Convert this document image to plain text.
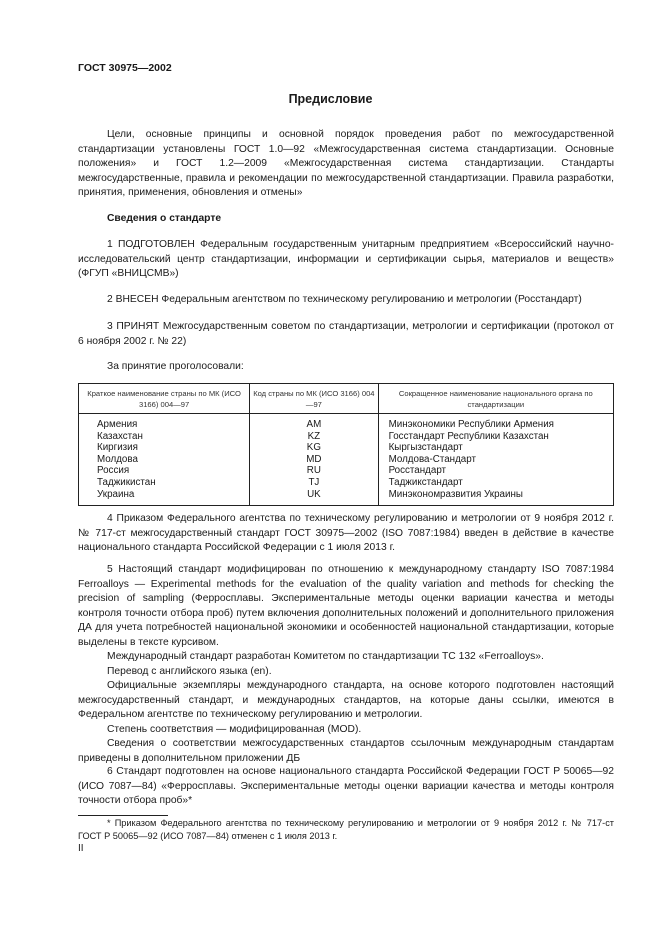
ГОСТ 30975—2002
Предисловие
Цели, основные принципы и основной порядок проведения работ по межгосударственной стандартизации установлены ГОСТ 1.0—92 «Межгосударственная система стандартизации. Основные положения» и ГОСТ 1.2—2009 «Межгосударственная система стандартизации. Стандарты межгосударственные, правила и рекомендации по межгосударственной стандартизации. Правила разработки, принятия, применения, обновления и отмены»
Сведения о стандарте
1 ПОДГОТОВЛЕН Федеральным государственным унитарным предприятием «Всероссийский научно-исследовательский центр стандартизации, информации и сертификации сырья, материалов и веществ» (ФГУП «ВНИЦСМВ»)
2 ВНЕСЕН Федеральным агентством по техническому регулированию и метрологии (Росстандарт)
3 ПРИНЯТ Межгосударственным советом по стандартизации, метрологии и сертификации (протокол от 6 ноября 2002 г. № 22)
За принятие проголосовали:
Краткое наименование страны по МК (ИСО 3166) 004—97	Код страны по МК (ИСО 3166) 004—97	Сокращенное наименование национального органа по стандартизации
Армения	AM	Минэкономики Республики Армения
Казахстан	KZ	Госстандарт Республики Казахстан
Киргизия	KG	Кыргызстандарт
Молдова	MD	Молдова-Стандарт
Россия	RU	Росстандарт
Таджикистан	TJ	Таджикстандарт
Украина	UK	Минэкономразвития Украины
4 Приказом Федерального агентства по техническому регулированию и метрологии от 9 ноября 2012 г. № 717-ст межгосударственный стандарт ГОСТ 30975—2002 (ISO 7087:1984) введен в действие в качестве национального стандарта Российской Федерации с 1 июля 2013 г.
5 Настоящий стандарт модифицирован по отношению к международному стандарту ISO 7087:1984 Ferroalloys — Experimental methods for the evaluation of the quality variation and methods for checking the precision of sampling (Ферросплавы. Экспериментальные методы оценки вариации качества и методы контроля точности отбора проб) путем включения дополнительных положений и дополнительного приложения ДА для учета потребностей национальной экономики и особенностей национальной стандартизации, которые выделены в тексте курсивом.
Международный стандарт разработан Комитетом по стандартизации ТС 132 «Ferroalloys».
Перевод с английского языка (en).
Официальные экземпляры международного стандарта, на основе которого подготовлен настоящий межгосударственный стандарт, и международных стандартов, на которые даны ссылки, имеются в Федеральном агентстве по техническому регулированию и метрологии.
Степень соответствия — модифицированная (MOD).
Сведения о соответствии межгосударственных стандартов ссылочным международным стандартам приведены в дополнительном приложении ДБ
6 Стандарт подготовлен на основе национального стандарта Российской Федерации ГОСТ Р 50065—92 (ИСО 7087—84) «Ферросплавы. Экспериментальные методы оценки вариации качества и методы контроля точности отбора проб»*
* Приказом Федерального агентства по техническому регулированию и метрологии от 9 ноября 2012 г. № 717-ст ГОСТ Р 50065—92 (ИСО 7087—84) отменен с 1 июля 2013 г.
II
